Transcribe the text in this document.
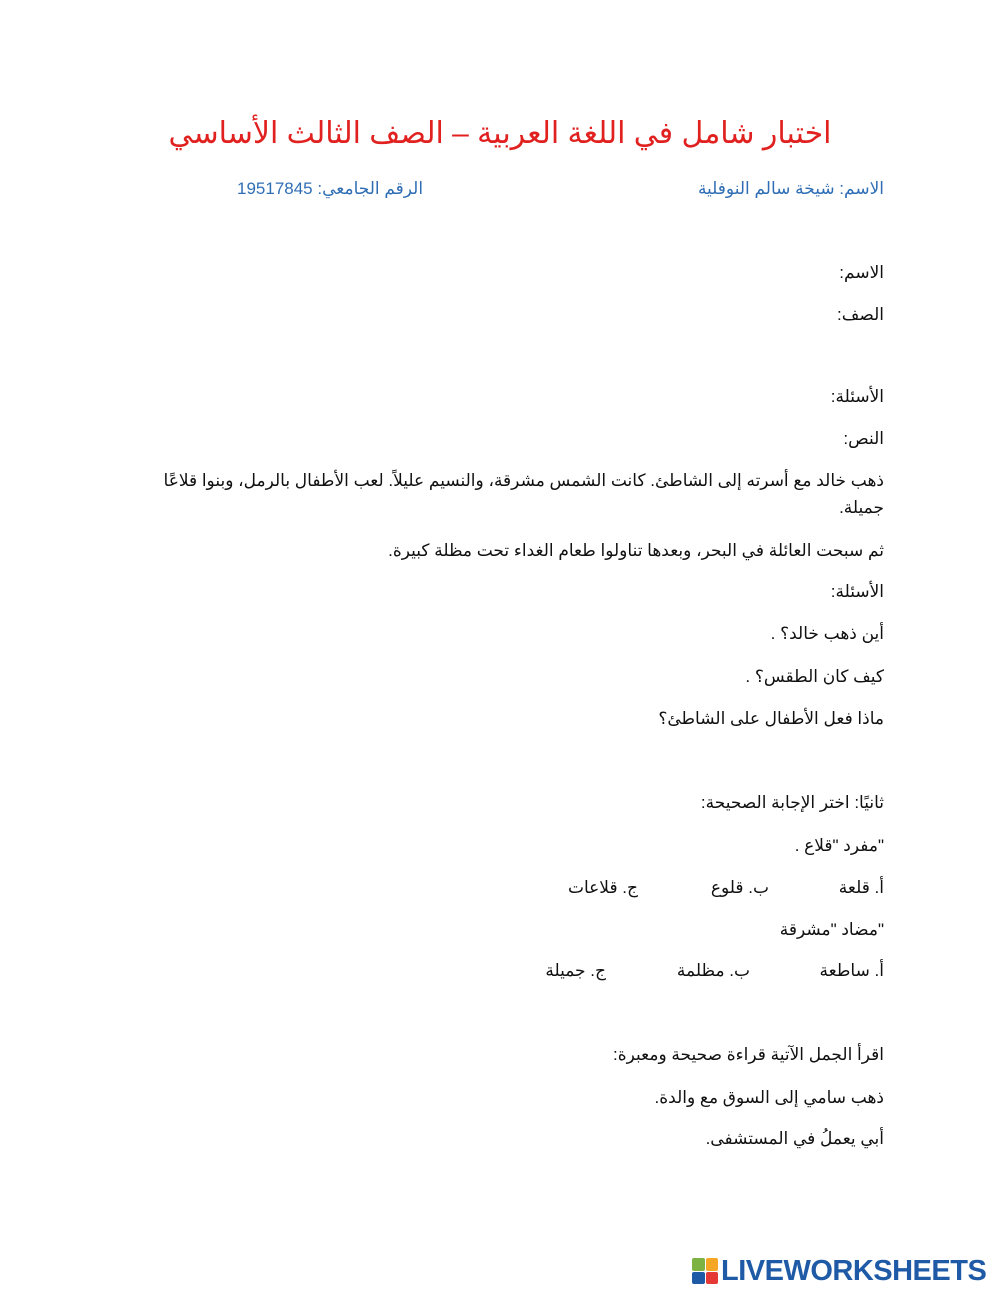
اختبار شامل في اللغة العربية – الصف الثالث الأساسي
الاسم: شيخة سالم النوفلية
الرقم الجامعي: 19517845
الاسم:
الصف:
الأسئلة:
النص:
ذهب خالد مع أسرته إلى الشاطئ. كانت الشمس مشرقة، والنسيم عليلاً. لعب الأطفال بالرمل، وبنوا قلاعًا جميلة.
ثم سبحت العائلة في البحر، وبعدها تناولوا طعام الغداء تحت مظلة كبيرة.
الأسئلة:
أين ذهب خالد؟ .
كيف كان الطقس؟ .
ماذا فعل الأطفال على الشاطئ؟
ثانيًا: اختر الإجابة الصحيحة:
"مفرد "قلاع .
أ. قلعة
ب. قلوع
ج. قلاعات
"مضاد "مشرقة
أ. ساطعة
ب. مظلمة
ج. جميلة
اقرأ الجمل الآتية قراءة صحيحة ومعبرة:
ذهب سامي إلى السوق مع والدة.
أبي يعملُ في المستشفى.
LIVEWORKSHEETS
